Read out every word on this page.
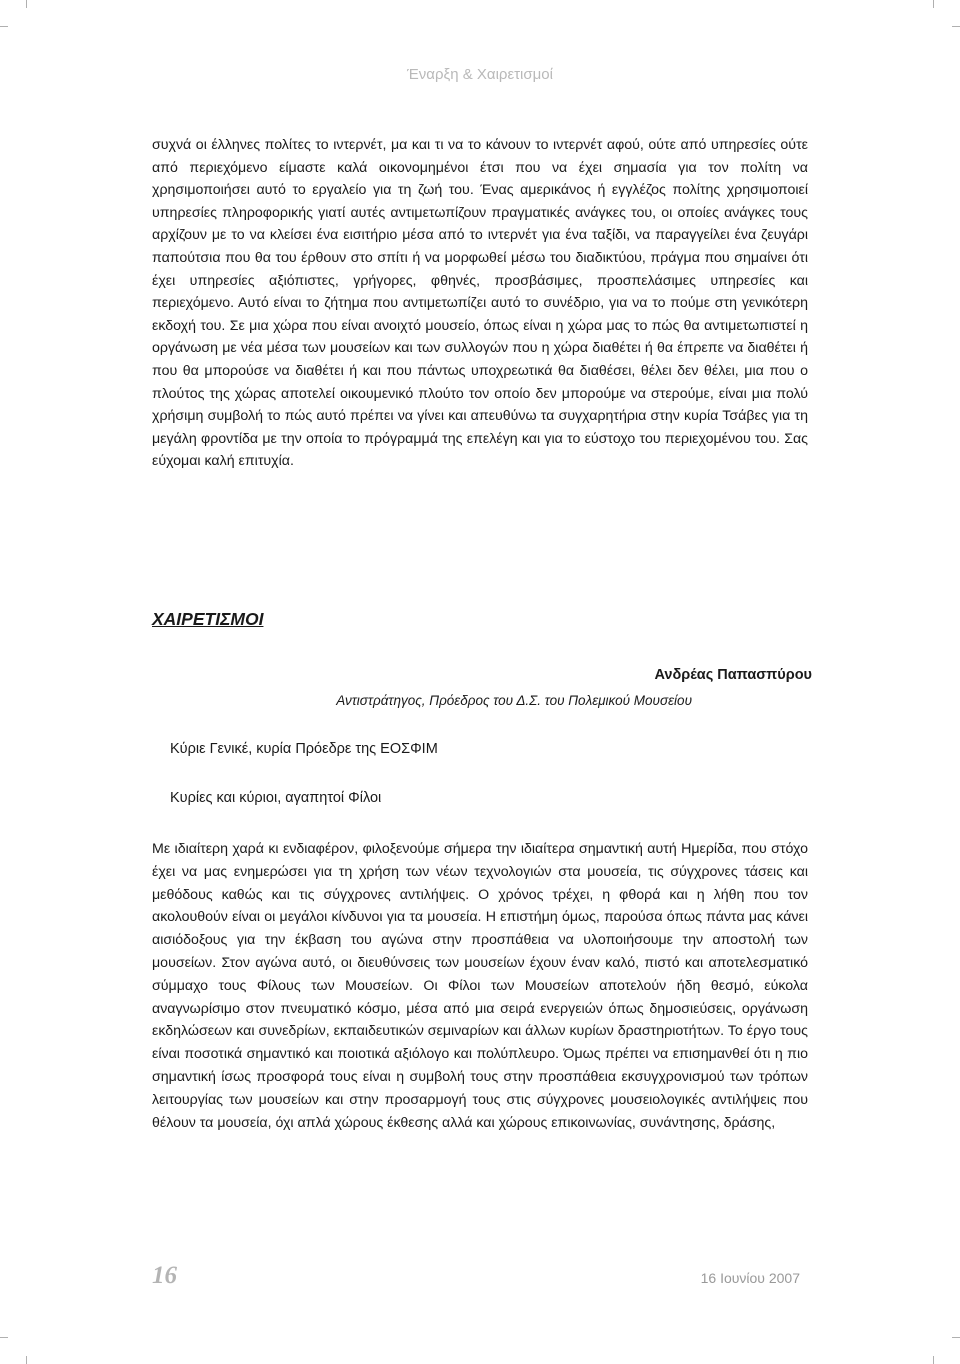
Έναρξη & Χαιρετισμοί

συχνά οι έλληνες πολίτες το ιντερνέτ, μα και τι να το κάνουν το ιντερνέτ αφού, ούτε από υπηρεσίες ούτε από περιεχόμενο είμαστε καλά οικονομημένοι έτσι που να έχει σημασία για τον πολίτη να χρησιμοποιήσει αυτό το εργαλείο για τη ζωή του. Ένας αμερικάνος ή εγγλέζος πολίτης χρησιμοποιεί υπηρεσίες πληροφορικής γιατί αυτές αντιμετωπίζουν πραγματικές ανάγκες του, οι οποίες ανάγκες τους αρχίζουν με το να κλείσει ένα εισιτήριο μέσα από το ιντερνέτ για ένα ταξίδι, να παραγγείλει ένα ζευγάρι παπούτσια που θα του έρθουν στο σπίτι ή να μορφωθεί μέσω του διαδικτύου, πράγμα που σημαίνει ότι έχει υπηρεσίες αξιόπιστες, γρήγορες, φθηνές, προσβάσιμες, προσπελάσιμες υπηρεσίες και περιεχόμενο. Αυτό είναι το ζήτημα που αντιμετωπίζει αυτό το συνέδριο, για να το πούμε στη γενικότερη εκδοχή του. Σε μια χώρα που είναι ανοιχτό μουσείο, όπως είναι η χώρα μας το πώς θα αντιμετωπιστεί η οργάνωση με νέα μέσα των μουσείων και των συλλογών που η χώρα διαθέτει ή θα έπρεπε να διαθέτει ή που θα μπορούσε να διαθέτει ή και που πάντως υποχρεωτικά θα διαθέσει, θέλει δεν θέλει, μια που ο πλούτος της χώρας αποτελεί οικουμενικό πλούτο τον οποίο δεν μπορούμε να στερούμε, είναι μια πολύ χρήσιμη συμβολή το πώς αυτό πρέπει να γίνει και απευθύνω τα συγχαρητήρια στην κυρία Τσάβες για τη μεγάλη φροντίδα με την οποία το πρόγραμμά της επελέγη και για το εύστοχο του περιεχομένου του. Σας εύχομαι καλή επιτυχία.

ΧΑΙΡΕΤΙΣΜΟΙ
Ανδρέας Παπασπύρου
Αντιστράτηγος, Πρόεδρος του Δ.Σ. του Πολεμικού Μουσείου
Κύριε Γενικέ, κυρία Πρόεδρε της ΕΟΣΦΙΜ
Κυρίες και κύριοι, αγαπητοί Φίλοι

Με ιδιαίτερη χαρά κι ενδιαφέρον, φιλοξενούμε σήμερα την ιδιαίτερα σημαντική αυτή Ημερίδα, που στόχο έχει να μας ενημερώσει για τη χρήση των νέων τεχνολογιών στα μουσεία, τις σύγχρονες τάσεις και μεθόδους καθώς και τις σύγχρονες αντιλήψεις. Ο χρόνος τρέχει, η φθορά και η λήθη που τον ακολουθούν είναι οι μεγάλοι κίνδυνοι για τα μουσεία. Η επιστήμη όμως, παρούσα όπως πάντα μας κάνει αισιόδοξους για την έκβαση του αγώνα στην προσπάθεια να υλοποιήσουμε την αποστολή των μουσείων. Στον αγώνα αυτό, οι διευθύνσεις των μουσείων έχουν έναν καλό, πιστό και αποτελεσματικό σύμμαχο τους Φίλους των Μουσείων. Οι Φίλοι των Μουσείων αποτελούν ήδη θεσμό, εύκολα αναγνωρίσιμο στον πνευματικό κόσμο, μέσα από μια σειρά ενεργειών όπως δημοσιεύσεις, οργάνωση εκδηλώσεων και συνεδρίων, εκπαιδευτικών σεμιναρίων και άλλων κυρίων δραστηριοτήτων. Το έργο τους είναι ποσοτικά σημαντικό και ποιοτικά αξιόλογο και πολύπλευρο. Όμως πρέπει να επισημανθεί ότι η πιο σημαντική ίσως προσφορά τους είναι η συμβολή τους στην προσπάθεια εκσυγχρονισμού των τρόπων λειτουργίας των μουσείων και στην προσαρμογή τους στις σύγχρονες μουσειολογικές αντιλήψεις που θέλουν τα μουσεία, όχι απλά χώρους έκθεσης αλλά και χώρους επικοινωνίας, συνάντησης, δράσης,

16	16 Ιουνίου 2007
